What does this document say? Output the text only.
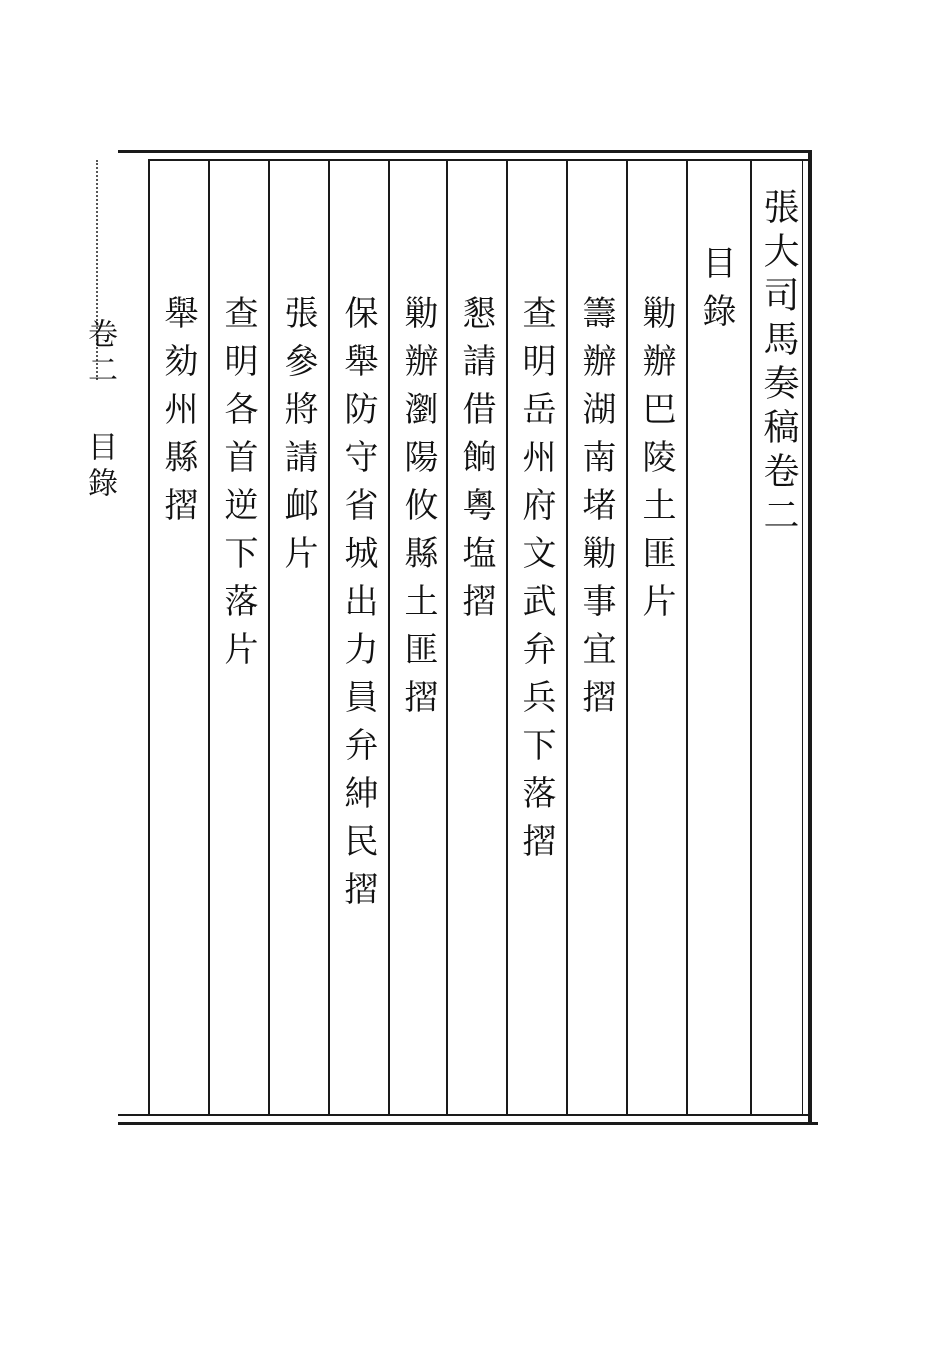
卷二 目錄	張大司馬奏稿卷二
目錄
勦辦巴陵土匪片
籌辦湖南堵勦事宜摺
查明岳州府文武弁兵下落摺
懇請借餉粵塩摺
勦辦瀏陽攸縣土匪摺
保舉防守省城出力員弁紳民摺
張參將請䘏片
查明各首逆下落片
舉劾州縣摺
